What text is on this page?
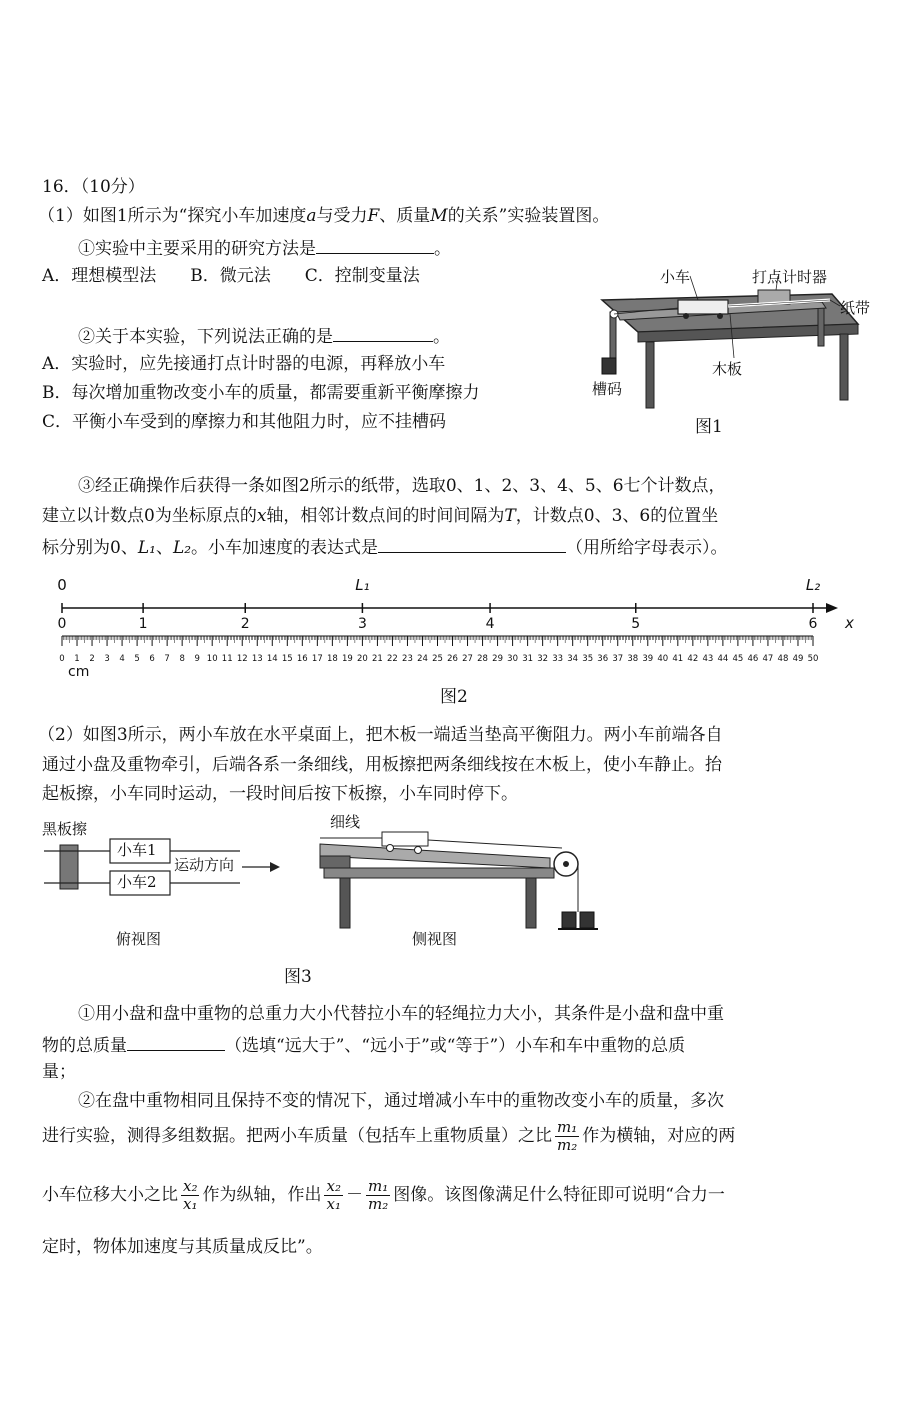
16．（10分）
（1）如图1所示为“探究小车加速度a与受力F、质量M的关系”实验装置图。
①实验中主要采用的研究方法是	。
A．理想模型法　　B．微元法　　C．控制变量法
②关于本实验，下列说法正确的是	。
A．实验时，应先接通打点计时器的电源，再释放小车
B．每次增加重物改变小车的质量，都需要重新平衡摩擦力
C．平衡小车受到的摩擦力和其他阻力时，应不挂槽码
小车	打点计时器
纸带
木板
槽码
图1
③经正确操作后获得一条如图2所示的纸带，选取0、1、2、3、4、5、6七个计数点，
建立以计数点0为坐标原点的x轴，相邻计数点间的时间间隔为T，计数点0、3、6的位置坐
标分别为0、L₁、L₂。小车加速度的表达式是	（用所给字母表示）。
0	1	2	3	4	5	6
0	L₁	L₂
x
0 1 2 3 4 5 6 7 8 9 10 11 12 13 14 15 16 17 18 19 20 21 22 23 24 25 26 27 28 29 30 31 32 33 34 35 36 37 38 39 40 41 42 43 44 45 46 47 48 49 50
cm
图2
（2）如图3所示，两小车放在水平桌面上，把木板一端适当垫高平衡阻力。两小车前端各自
通过小盘及重物牵引，后端各系一条细线，用板擦把两条细线按在木板上，使小车静止。抬
起板擦，小车同时运动，一段时间后按下板擦，小车同时停下。
黑板擦
小车1
小车2
运动方向
俯视图
细线
侧视图
图3
①用小盘和盘中重物的总重力大小代替拉小车的轻绳拉力大小，其条件是小盘和盘中重
物的总质量	（选填“远大于”、“远小于”或“等于”）小车和车中重物的总质
量；
②在盘中重物相同且保持不变的情况下，通过增减小车中的重物改变小车的质量，多次
进行实验，测得多组数据。把两小车质量（包括车上重物质量）之比 $\frac{\text{m₁}}{\text{m₂}}$ 作为横轴，对应的两
小车位移大小之比 $\frac{\text{x₂}}{\text{x₁}}$ 作为纵轴，作出 $\frac{\text{x₂}}{\text{x₁}} - \frac{\text{m₁}}{\text{m₂}}$ 图像。该图像满足什么特征即可说明“合力一
定时，物体加速度与其质量成反比”。
